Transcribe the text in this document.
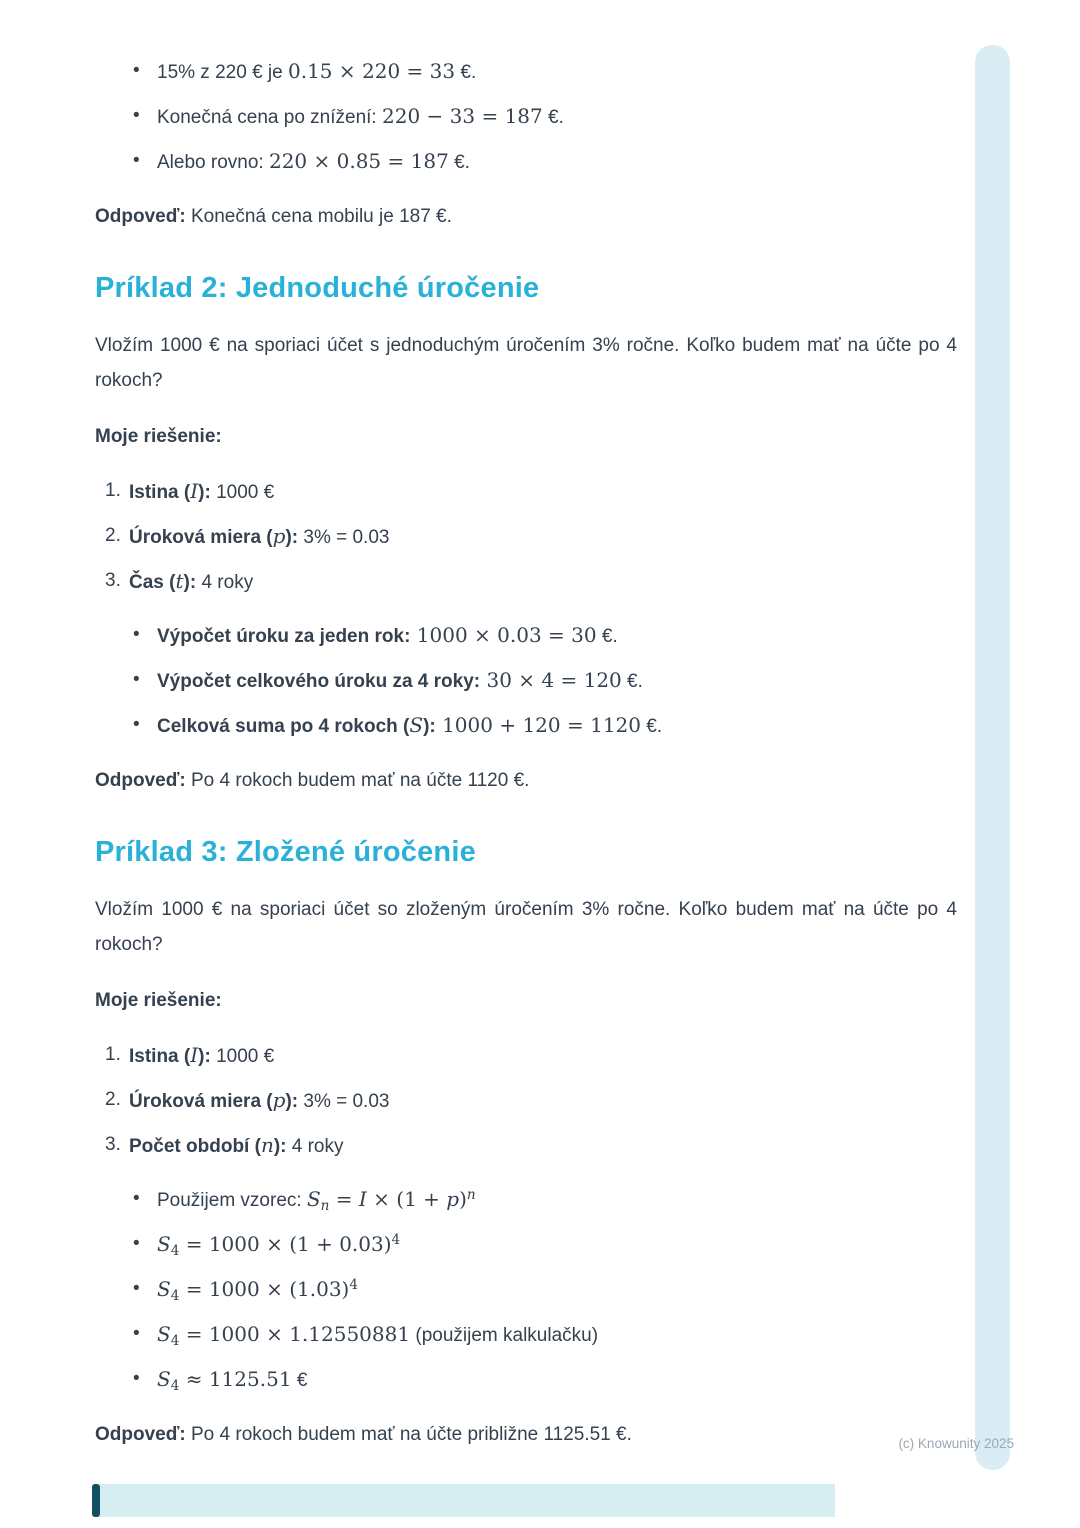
• 15% z 220 € je 0.15 × 220 = 33 €.
• Konečná cena po znížení: 220 − 33 = 187 €.
• Alebo rovno: 220 × 0.85 = 187 €.

Odpoveď: Konečná cena mobilu je 187 €.

Príklad 2: Jednoduché úročenie

Vložím 1000 € na sporiaci účet s jednoduchým úročením 3% ročne. Koľko budem mať na účte po 4 rokoch?

Moje riešenie:

1. Istina (I): 1000 €
2. Úroková miera (p): 3% = 0.03
3. Čas (t): 4 roky
• Výpočet úroku za jeden rok: 1000 × 0.03 = 30 €.
• Výpočet celkového úroku za 4 roky: 30 × 4 = 120 €.
• Celková suma po 4 rokoch (S): 1000 + 120 = 1120 €.

Odpoveď: Po 4 rokoch budem mať na účte 1120 €.

Príklad 3: Zložené úročenie

Vložím 1000 € na sporiaci účet so zloženým úročením 3% ročne. Koľko budem mať na účte po 4 rokoch?

Moje riešenie:

1. Istina (I): 1000 €
2. Úroková miera (p): 3% = 0.03
3. Počet období (n): 4 roky
• Použijem vzorec: $S_n = I \times (1 + p)^n$
• $S_4 = 1000 \times (1 + 0.03)^4$
• $S_4 = 1000 \times (1.03)^4$
• $S_4 = 1000 \times 1.12550881$ (použijem kalkulačku)
• $S_4 \approx 1125.51$ €

Odpoveď: Po 4 rokoch budem mať na účte približne 1125.51 €.	(c) Knowunity 2025
